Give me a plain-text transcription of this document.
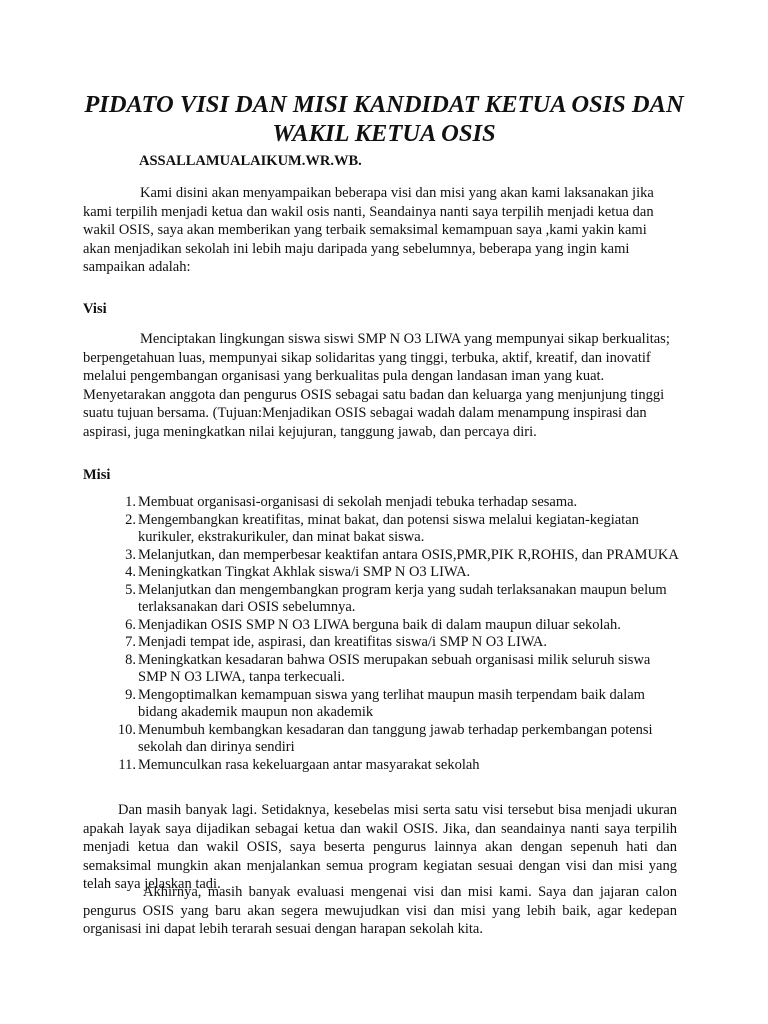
PIDATO VISI DAN MISI KANDIDAT KETUA OSIS DAN WAKIL KETUA OSIS
ASSALLAMUALAIKUM.WR.WB.

Kami disini akan menyampaikan beberapa visi dan misi yang akan kami laksanakan jika kami terpilih menjadi ketua dan wakil osis nanti, Seandainya nanti saya terpilih menjadi ketua dan wakil OSIS, saya akan memberikan yang terbaik semaksimal kemampuan saya ,kami yakin kami akan menjadikan sekolah ini lebih maju daripada yang sebelumnya, beberapa yang ingin kami sampaikan adalah:

Visi

Menciptakan lingkungan siswa siswi SMP N O3 LIWA yang mempunyai sikap berkualitas; berpengetahuan luas, mempunyai sikap solidaritas yang tinggi, terbuka, aktif, kreatif, dan inovatif melalui pengembangan organisasi yang berkualitas pula dengan landasan iman yang kuat. Menyetarakan anggota dan pengurus OSIS sebagai satu badan dan keluarga yang menjunjung tinggi suatu tujuan bersama. (Tujuan:Menjadikan OSIS sebagai wadah dalam menampung inspirasi dan aspirasi, juga meningkatkan nilai kejujuran, tanggung jawab, dan percaya diri.

Misi
1. Membuat organisasi-organisasi di sekolah menjadi tebuka terhadap sesama.
2. Mengembangkan kreatifitas, minat bakat, dan potensi siswa melalui kegiatan-kegiatan kurikuler, ekstrakurikuler, dan minat bakat siswa.
3. Melanjutkan, dan memperbesar keaktifan antara OSIS,PMR,PIK R,ROHIS, dan PRAMUKA
4. Meningkatkan Tingkat Akhlak siswa/i SMP N O3 LIWA.
5. Melanjutkan dan mengembangkan program kerja yang sudah terlaksanakan maupun belum terlaksanakan dari OSIS sebelumnya.
6. Menjadikan OSIS SMP N O3 LIWA berguna baik di dalam maupun diluar sekolah.
7. Menjadi tempat ide, aspirasi, dan kreatifitas siswa/i SMP N O3 LIWA.
8. Meningkatkan kesadaran bahwa OSIS merupakan sebuah organisasi milik seluruh siswa SMP N O3 LIWA, tanpa terkecuali.
9. Mengoptimalkan kemampuan siswa yang terlihat maupun masih terpendam baik dalam bidang akademik maupun non akademik
10. Menumbuh kembangkan kesadaran dan tanggung jawab terhadap perkembangan potensi sekolah dan dirinya sendiri
11. Memunculkan rasa kekeluargaan antar masyarakat sekolah

Dan masih banyak lagi. Setidaknya, kesebelas misi serta satu visi tersebut bisa menjadi ukuran apakah layak saya dijadikan sebagai ketua dan wakil OSIS. Jika, dan seandainya nanti saya terpilih menjadi ketua dan wakil OSIS, saya beserta pengurus lainnya akan dengan sepenuh hati dan semaksimal mungkin akan menjalankan semua program kegiatan sesuai dengan visi dan misi yang telah saya jelaskan tadi.

Akhirnya, masih banyak evaluasi mengenai visi dan misi kami. Saya dan jajaran calon pengurus OSIS yang baru akan segera mewujudkan visi dan misi yang lebih baik, agar kedepan organisasi ini dapat lebih terarah sesuai dengan harapan sekolah kita.
